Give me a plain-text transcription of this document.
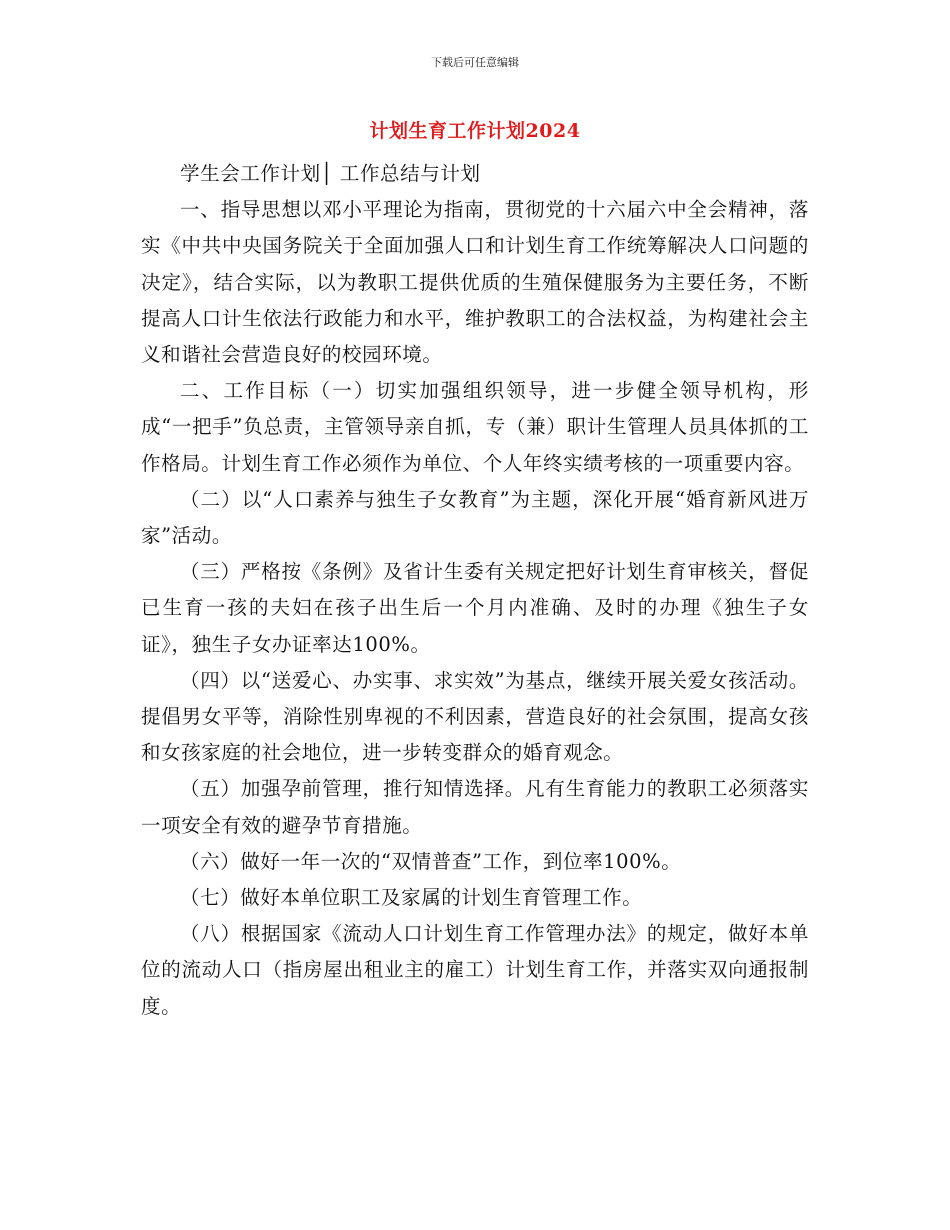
下载后可任意编辑
计划生育工作计划2024

学生会工作计划│ 工作总结与计划

一、指导思想以邓小平理论为指南，贯彻党的十六届六中全会精神，落实《中共中央国务院关于全面加强人口和计划生育工作统筹解决人口问题的决定》，结合实际，以为教职工提供优质的生殖保健服务为主要任务，不断提高人口计生依法行政能力和水平，维护教职工的合法权益，为构建社会主义和谐社会营造良好的校园环境。

二、工作目标（一）切实加强组织领导，进一步健全领导机构，形成“一把手”负总责，主管领导亲自抓，专（兼）职计生管理人员具体抓的工作格局。计划生育工作必须作为单位、个人年终实绩考核的一项重要内容。

（二）以“人口素养与独生子女教育”为主题，深化开展“婚育新风进万家”活动。

（三）严格按《条例》及省计生委有关规定把好计划生育审核关，督促已生育一孩的夫妇在孩子出生后一个月内准确、及时的办理《独生子女证》，独生子女办证率达100%。

（四）以“送爱心、办实事、求实效”为基点，继续开展关爱女孩活动。提倡男女平等，消除性别卑视的不利因素，营造良好的社会氛围，提高女孩和女孩家庭的社会地位，进一步转变群众的婚育观念。

（五）加强孕前管理，推行知情选择。凡有生育能力的教职工必须落实一项安全有效的避孕节育措施。

（六）做好一年一次的“双情普查”工作，到位率100%。

（七）做好本单位职工及家属的计划生育管理工作。

（八）根据国家《流动人口计划生育工作管理办法》的规定，做好本单位的流动人口（指房屋出租业主的雇工）计划生育工作，并落实双向通报制度。
